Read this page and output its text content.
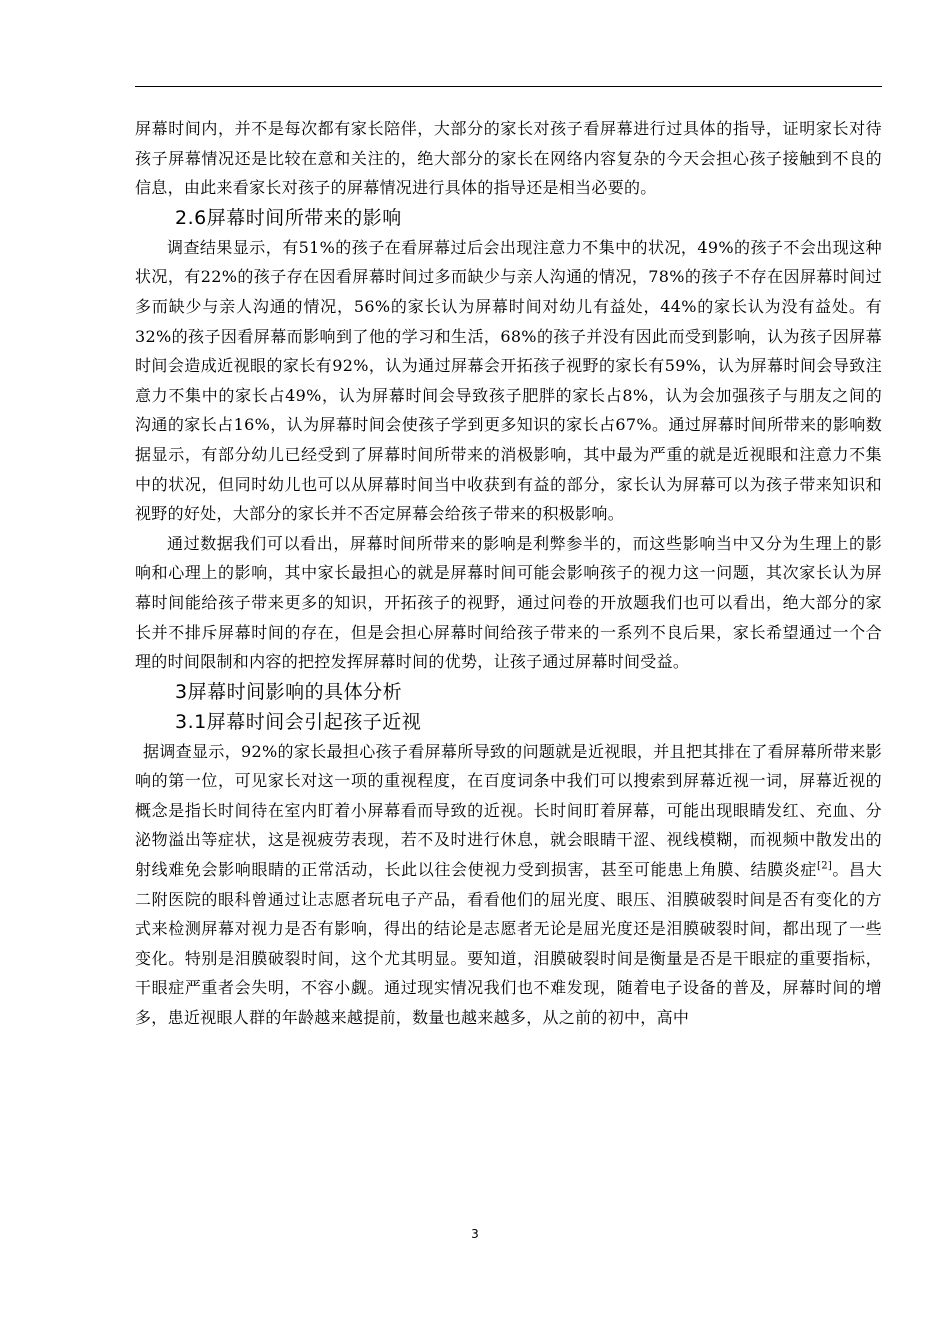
屏幕时间内，并不是每次都有家长陪伴，大部分的家长对孩子看屏幕进行过具体的指导，证明家长对待孩子屏幕情况还是比较在意和关注的，绝大部分的家长在网络内容复杂的今天会担心孩子接触到不良的信息，由此来看家长对孩子的屏幕情况进行具体的指导还是相当必要的。

2.6屏幕时间所带来的影响

调查结果显示，有51%的孩子在看屏幕过后会出现注意力不集中的状况，49%的孩子不会出现这种状况，有22%的孩子存在因看屏幕时间过多而缺少与亲人沟通的情况，78%的孩子不存在因屏幕时间过多而缺少与亲人沟通的情况，56%的家长认为屏幕时间对幼儿有益处，44%的家长认为没有益处。有32%的孩子因看屏幕而影响到了他的学习和生活，68%的孩子并没有因此而受到影响，认为孩子因屏幕时间会造成近视眼的家长有92%，认为通过屏幕会开拓孩子视野的家长有59%，认为屏幕时间会导致注意力不集中的家长占49%，认为屏幕时间会导致孩子肥胖的家长占8%，认为会加强孩子与朋友之间的沟通的家长占16%，认为屏幕时间会使孩子学到更多知识的家长占67%。通过屏幕时间所带来的影响数据显示，有部分幼儿已经受到了屏幕时间所带来的消极影响，其中最为严重的就是近视眼和注意力不集中的状况，但同时幼儿也可以从屏幕时间当中收获到有益的部分，家长认为屏幕可以为孩子带来知识和视野的好处，大部分的家长并不否定屏幕会给孩子带来的积极影响。

通过数据我们可以看出，屏幕时间所带来的影响是利弊参半的，而这些影响当中又分为生理上的影响和心理上的影响，其中家长最担心的就是屏幕时间可能会影响孩子的视力这一问题，其次家长认为屏幕时间能给孩子带来更多的知识，开拓孩子的视野，通过问卷的开放题我们也可以看出，绝大部分的家长并不排斥屏幕时间的存在，但是会担心屏幕时间给孩子带来的一系列不良后果，家长希望通过一个合理的时间限制和内容的把控发挥屏幕时间的优势，让孩子通过屏幕时间受益。

3屏幕时间影响的具体分析
3.1屏幕时间会引起孩子近视

据调查显示，92%的家长最担心孩子看屏幕所导致的问题就是近视眼，并且把其排在了看屏幕所带来影响的第一位，可见家长对这一项的重视程度，在百度词条中我们可以搜索到屏幕近视一词，屏幕近视的概念是指长时间待在室内盯着小屏幕看而导致的近视。长时间盯着屏幕，可能出现眼睛发红、充血、分泌物溢出等症状，这是视疲劳表现，若不及时进行休息，就会眼睛干涩、视线模糊，而视频中散发出的射线难免会影响眼睛的正常活动，长此以往会使视力受到损害，甚至可能患上角膜、结膜炎症[2]。昌大二附医院的眼科曾通过让志愿者玩电子产品，看看他们的屈光度、眼压、泪膜破裂时间是否有变化的方式来检测屏幕对视力是否有影响，得出的结论是志愿者无论是屈光度还是泪膜破裂时间，都出现了一些变化。特别是泪膜破裂时间，这个尤其明显。要知道，泪膜破裂时间是衡量是否是干眼症的重要指标，干眼症严重者会失明，不容小觑。通过现实情况我们也不难发现，随着电子设备的普及，屏幕时间的增多，患近视眼人群的年龄越来越提前，数量也越来越多，从之前的初中，高中

3
